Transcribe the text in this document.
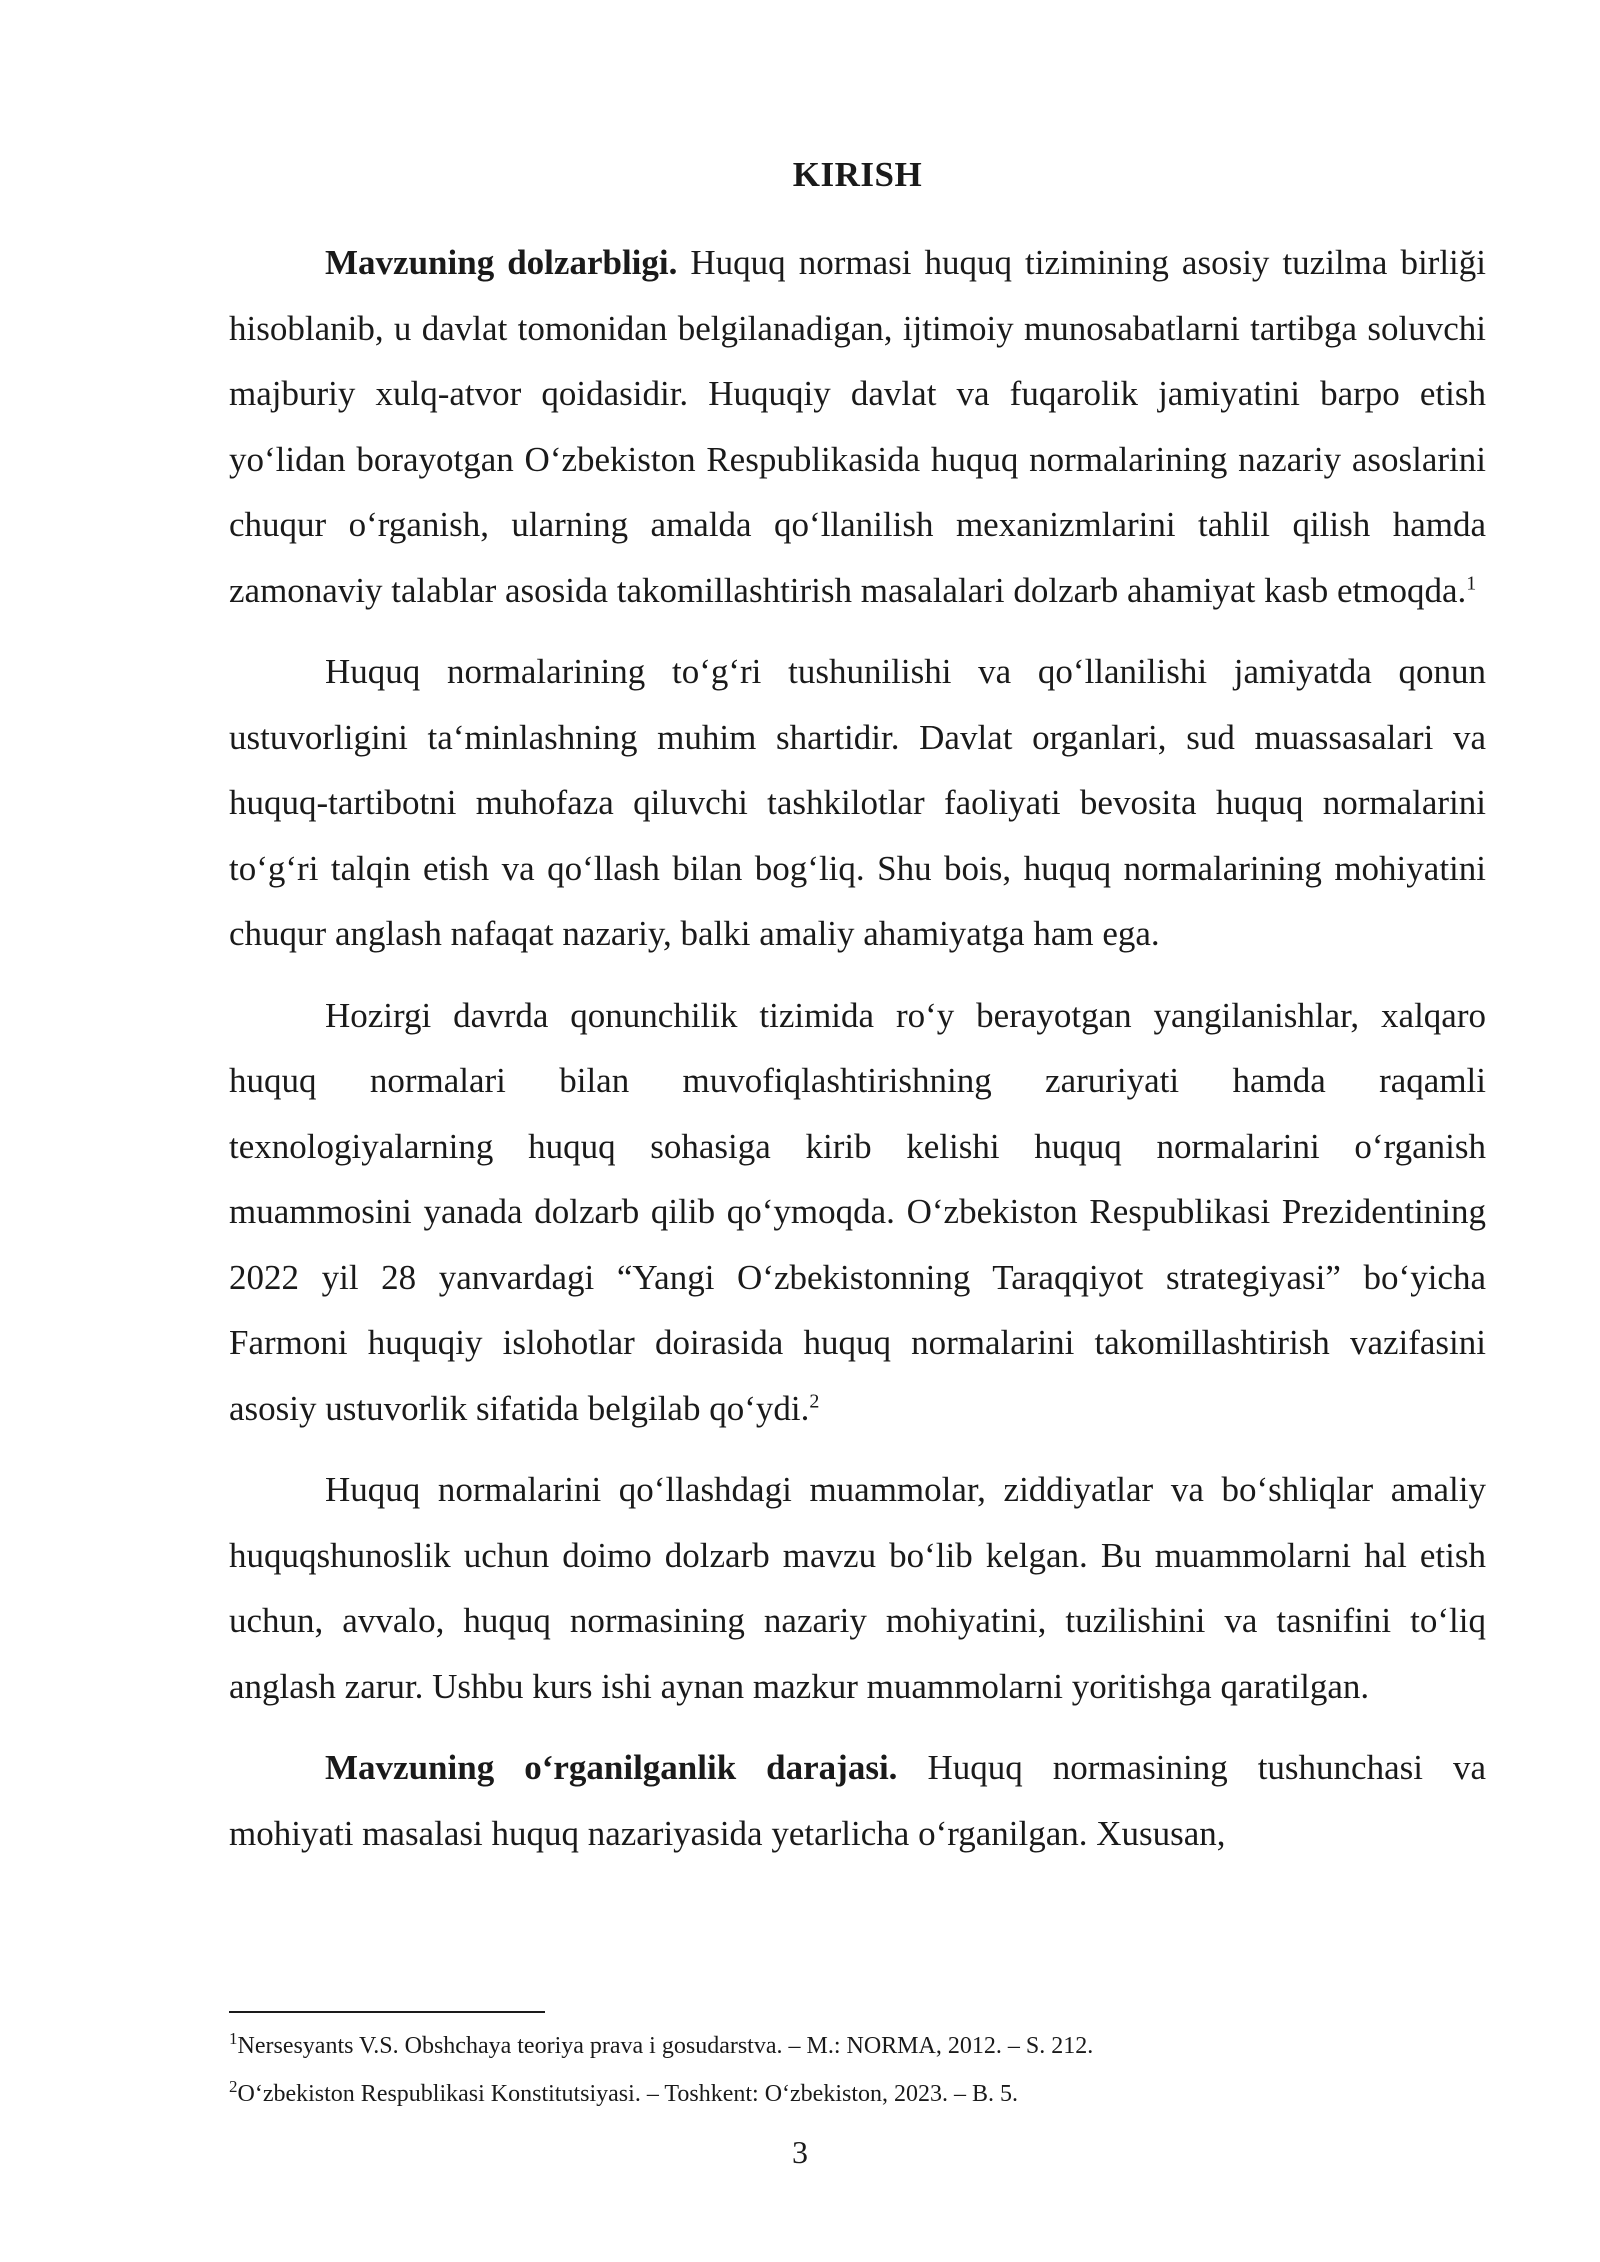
KIRISH

Mavzuning dolzarbligi. Huquq normasi huquq tizimining asosiy tuzilma birliği hisoblanib, u davlat tomonidan belgilanadigan, ijtimoiy munosabatlarni tartibga soluvchi majburiy xulq-atvor qoidasidir. Huquqiy davlat va fuqarolik jamiyatini barpo etish yo‘lidan borayotgan O‘zbekiston Respublikasida huquq normalarining nazariy asoslarini chuqur o‘rganish, ularning amalda qo‘llanilish mexanizmlarini tahlil qilish hamda zamonaviy talablar asosida takomillashtirish masalalari dolzarb ahamiyat kasb etmoqda.$^1$

Huquq normalarining to‘g‘ri tushunilishi va qo‘llanilishi jamiyatda qonun ustuvorligini ta‘minlashning muhim shartidir. Davlat organlari, sud muassasalari va huquq-tartibotni muhofaza qiluvchi tashkilotlar faoliyati bevosita huquq normalarini to‘g‘ri talqin etish va qo‘llash bilan bog‘liq. Shu bois, huquq normalarining mohiyatini chuqur anglash nafaqat nazariy, balki amaliy ahamiyatga ham ega.

Hozirgi davrda qonunchilik tizimida ro‘y berayotgan yangilanishlar, xalqaro huquq normalari bilan muvofiqlashtirishning zaruriyati hamda raqamli texnologiyalarning huquq sohasiga kirib kelishi huquq normalarini o‘rganish muammosini yanada dolzarb qilib qo‘ymoqda. O‘zbekiston Respublikasi Prezidentining 2022 yil 28 yanvardagi “Yangi O‘zbekistonning Taraqqiyot strategiyasi” bo‘yicha Farmoni huquqiy islohotlar doirasida huquq normalarini takomillashtirish vazifasini asosiy ustuvorlik sifatida belgilab qo‘ydi.$^2$

Huquq normalarini qo‘llashdagi muammolar, ziddiyatlar va bo‘shliqlar amaliy huquqshunoslik uchun doimo dolzarb mavzu bo‘lib kelgan. Bu muammolarni hal etish uchun, avvalo, huquq normasining nazariy mohiyatini, tuzilishini va tasnifini to‘liq anglash zarur. Ushbu kurs ishi aynan mazkur muammolarni yoritishga qaratilgan.

Mavzuning o‘rganilganlik darajasi. Huquq normasining tushunchasi va mohiyati masalasi huquq nazariyasida yetarlicha o‘rganilgan. Xususan,

$^1$Nersesyants V.S. Obshchaya teoriya prava i gosudarstva. – M.: NORMA, 2012. – S. 212.

$^2$O‘zbekiston Respublikasi Konstitutsiyasi. – Toshkent: O‘zbekiston, 2023. – B. 5.

3
